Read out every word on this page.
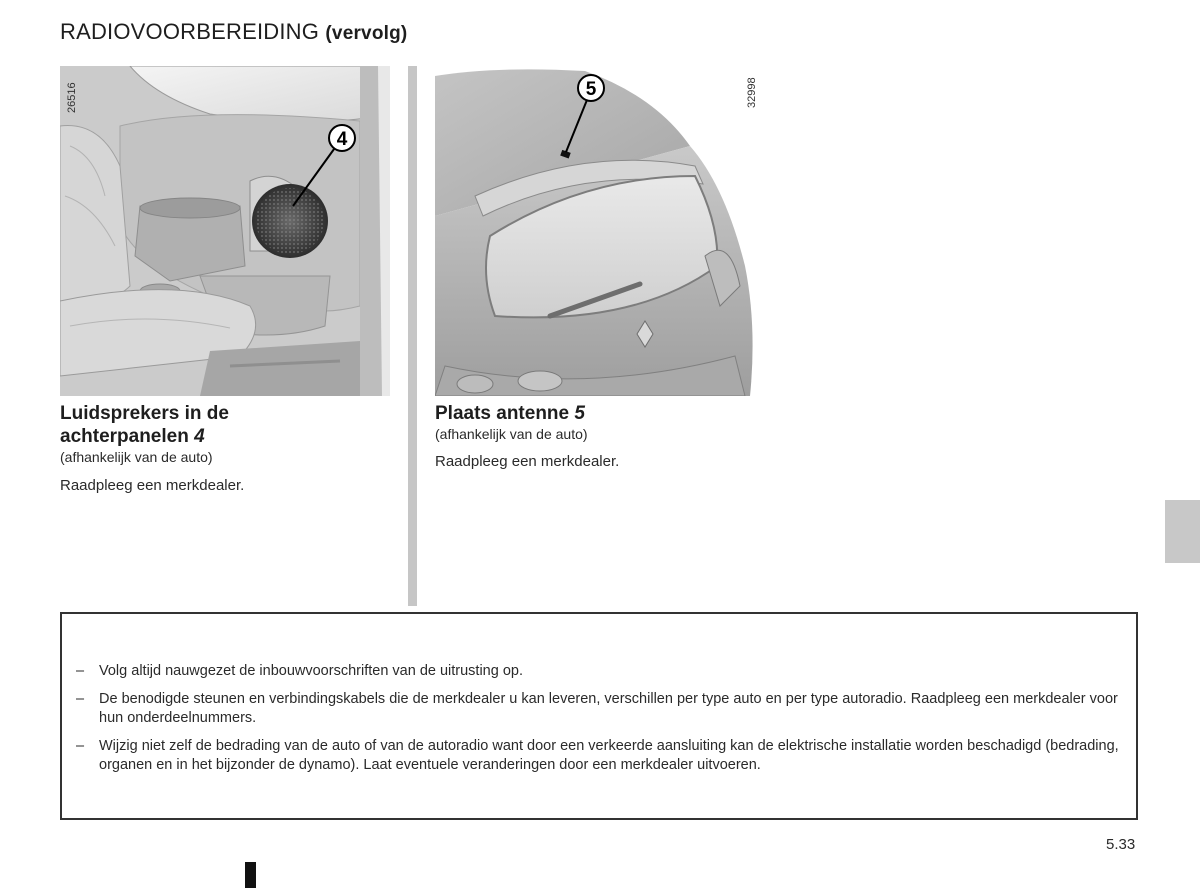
RADIOVOORBEREIDING (vervolg)
4
26516	5	32998
Luidsprekers in de
achterpanelen 4
(afhankelijk van de auto)
Raadpleeg een merkdealer.
Plaats antenne 5
(afhankelijk van de auto)
Raadpleeg een merkdealer.
– Volg altijd nauwgezet de inbouwvoorschriften van de uitrusting op.
– De benodigde steunen en verbindingskabels die de merkdealer u kan leveren, verschillen per type auto en per type autoradio. Raadpleeg een merkdealer voor hun onderdeelnummers.
– Wijzig niet zelf de bedrading van de auto of van de autoradio want door een verkeerde aansluiting kan de elektrische installatie worden beschadigd (bedrading, organen en in het bijzonder de dynamo). Laat eventuele veranderingen door een merkdealer uitvoeren.
5.33
